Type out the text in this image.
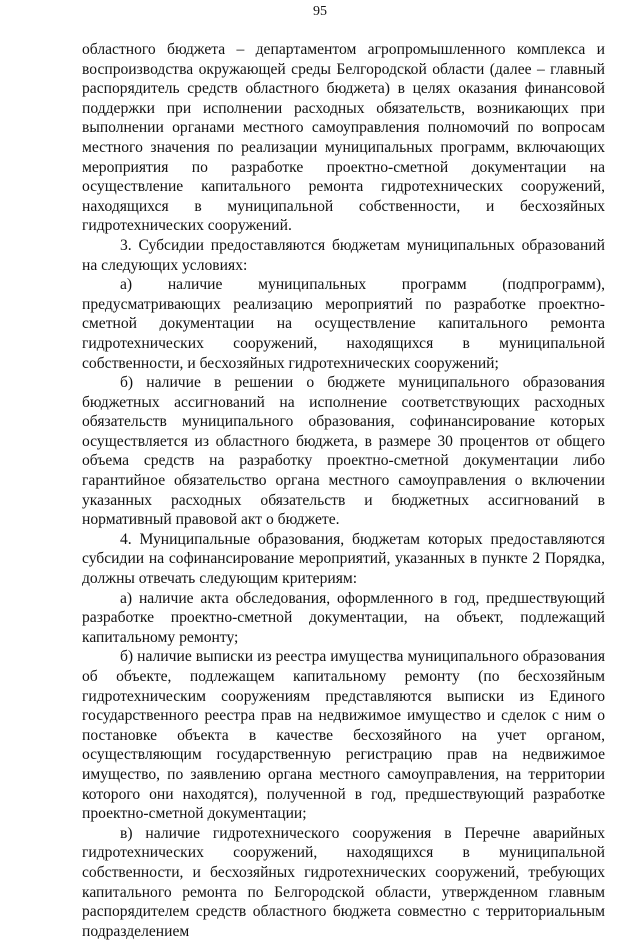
95

областного бюджета – департаментом агропромышленного комплекса и воспроизводства окружающей среды Белгородской области (далее – главный распорядитель средств областного бюджета) в целях оказания финансовой поддержки при исполнении расходных обязательств, возникающих при выполнении органами местного самоуправления полномочий по вопросам местного значения по реализации муниципальных программ, включающих мероприятия по разработке проектно-сметной документации на осуществление капитального ремонта гидротехнических сооружений, находящихся в муниципальной собственности, и бесхозяйных гидротехнических сооружений.

3. Субсидии предоставляются бюджетам муниципальных образований на следующих условиях:

а) наличие муниципальных программ (подпрограмм), предусматривающих реализацию мероприятий по разработке проектно-сметной документации на осуществление капитального ремонта гидротехнических сооружений, находящихся в муниципальной собственности, и бесхозяйных гидротехнических сооружений;

б) наличие в решении о бюджете муниципального образования бюджетных ассигнований на исполнение соответствующих расходных обязательств муниципального образования, софинансирование которых осуществляется из областного бюджета, в размере 30 процентов от общего объема средств на разработку проектно-сметной документации либо гарантийное обязательство органа местного самоуправления о включении указанных расходных обязательств и бюджетных ассигнований в нормативный правовой акт о бюджете.

4. Муниципальные образования, бюджетам которых предоставляются субсидии на софинансирование мероприятий, указанных в пункте 2 Порядка, должны отвечать следующим критериям:

а) наличие акта обследования, оформленного в год, предшествующий разработке проектно-сметной документации, на объект, подлежащий капитальному ремонту;

б) наличие выписки из реестра имущества муниципального образования об объекте, подлежащем капитальному ремонту (по бесхозяйным гидротехническим сооружениям представляются выписки из Единого государственного реестра прав на недвижимое имущество и сделок с ним о постановке объекта в качестве бесхозяйного на учет органом, осуществляющим государственную регистрацию прав на недвижимое имущество, по заявлению органа местного самоуправления, на территории которого они находятся), полученной в год, предшествующий разработке проектно-сметной документации;

в) наличие гидротехнического сооружения в Перечне аварийных гидротехнических сооружений, находящихся в муниципальной собственности, и бесхозяйных гидротехнических сооружений, требующих капитального ремонта по Белгородской области, утвержденном главным распорядителем средств областного бюджета совместно с территориальным подразделением
